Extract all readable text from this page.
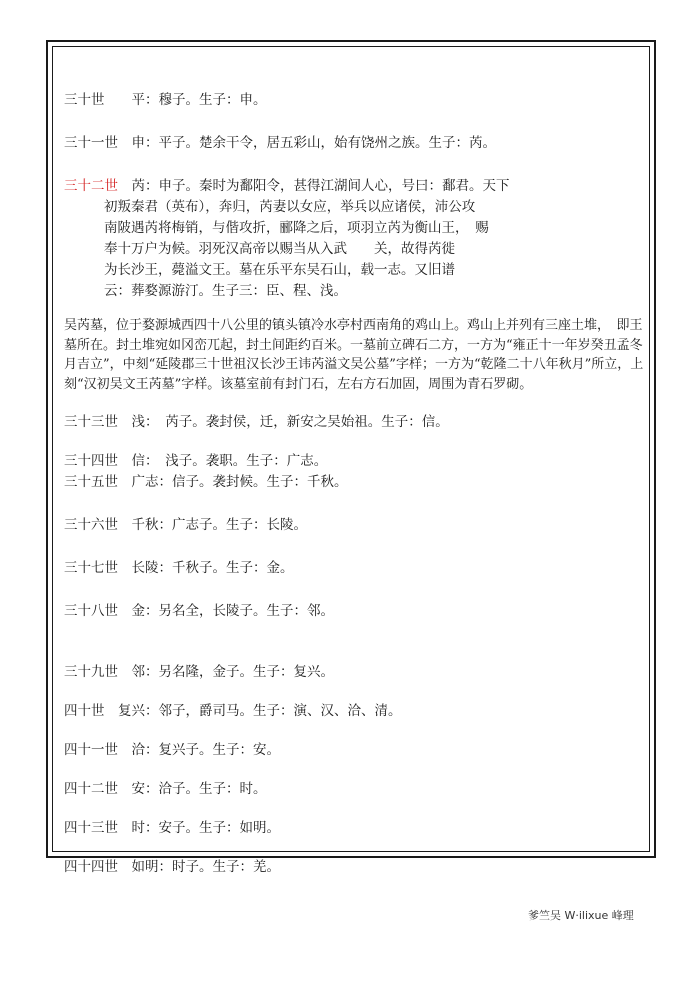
三十世　　 平：穆子。生子：申。
三十一世　 申：平子。楚余干令，居五彩山，始有饶州之族。生子：芮。
三十二世　 芮：申子。秦时为鄱阳令，甚得江湖间人心，号曰：鄱君。天下
初叛秦君（英布），奔归，芮妻以女应，举兵以应诸侯，沛公攻
南陂遇芮将梅销，与偕攻折，郦降之后，项羽立芮为衡山王，　赐
奉十万户为候。羽死汉高帝以赐当从入武　　关，故得芮徙
为长沙王，薨溢文王。墓在乐平东吴石山，载一志。又旧谱
云：葬婺源游汀。生子三：臣、程、浅。
吴芮墓，位于婺源城西四十八公里的镇头镇冷水亭村西南角的鸡山上。鸡山上并列有三座土堆，　即王墓所在。封土堆宛如冈峦兀起，封土间距约百米。一墓前立碑石二方，一方为“雍正十一年岁癸丑孟冬月吉立”，中刻“延陵郡三十世祖汉长沙王讳芮溢文吴公墓”字样；一方为“乾隆二十八年秋月”所立，上刻“汉初吴文王芮墓”字样。该墓室前有封门石，左右方石加固，周围为青石罗砌。
三十三世　 浅：　芮子。袭封侯，迁，新安之吴始祖。生子：信。
三十四世　 信：　浅子。袭职。生子：广志。
三十五世　 广志：信子。袭封候。生子：千秋。
三十六世　 千秋：广志子。生子：长陵。
三十七世　 长陵：千秋子。生子：金。
三十八世　 金：另名全，长陵子。生子：邻。
三十九世　 邻：另名隆，金子。生子：复兴。
四十世　 复兴：邻子，爵司马。生子：演、汉、洽、清。
四十一世　 洽：复兴子。生子：安。
四十二世　 安：洽子。生子：时。
四十三世　 时：安子。生子：如明。
四十四世　 如明：时子。生子：羌。
爹竺吴 W·ilixue 峰理
